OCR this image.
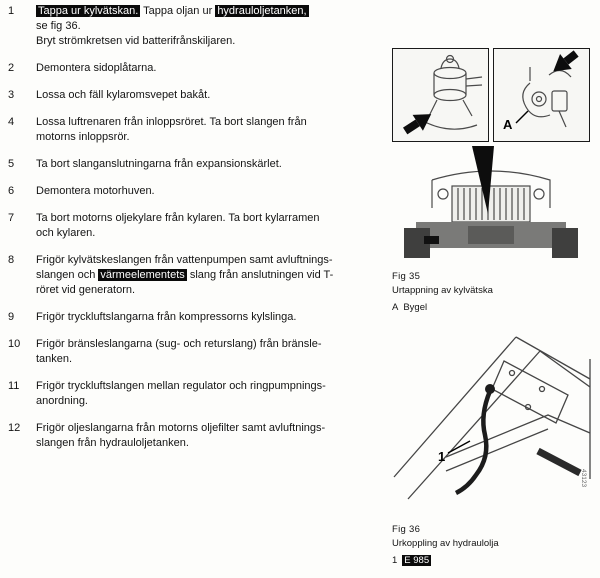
1	Tappa ur kylvätskan. Tappa oljan ur hydrauloljetanken,
se fig 36.
Bryt strömkretsen vid batterifrånskiljaren.
2	Demontera sidoplåtarna.
3	Lossa och fäll kylaromsvepet bakåt.
4	Lossa luftrenaren från inloppsröret. Ta bort slangen från
motorns inloppsrör.
5	Ta bort slanganslutningarna från expansionskärlet.
6	Demontera motorhuven.
7	Ta bort motorns oljekylare från kylaren. Ta bort kylarramen
och kylaren.
8	Frigör kylvätskeslangen från vattenpumpen samt avluftnings-
slangen och värmeelementets slang från anslutningen vid T-
röret vid generatorn.
9	Frigör tryckluftslangarna från kompressorns kylslinga.
10	Frigör bränsleslangarna (sug- och returslang) från bränsle-
tanken.
11	Frigör tryckluftslangen mellan regulator och ringpumpnings-
anordning.
12	Frigör oljeslangarna från motorns oljefilter samt avluftnings-
slangen från hydrauloljetanken.
A
Fig 35
Urtappning av kylvätska
A Bygel
1
43123
Fig 36
Urkoppling av hydraulolja
1 E 985
